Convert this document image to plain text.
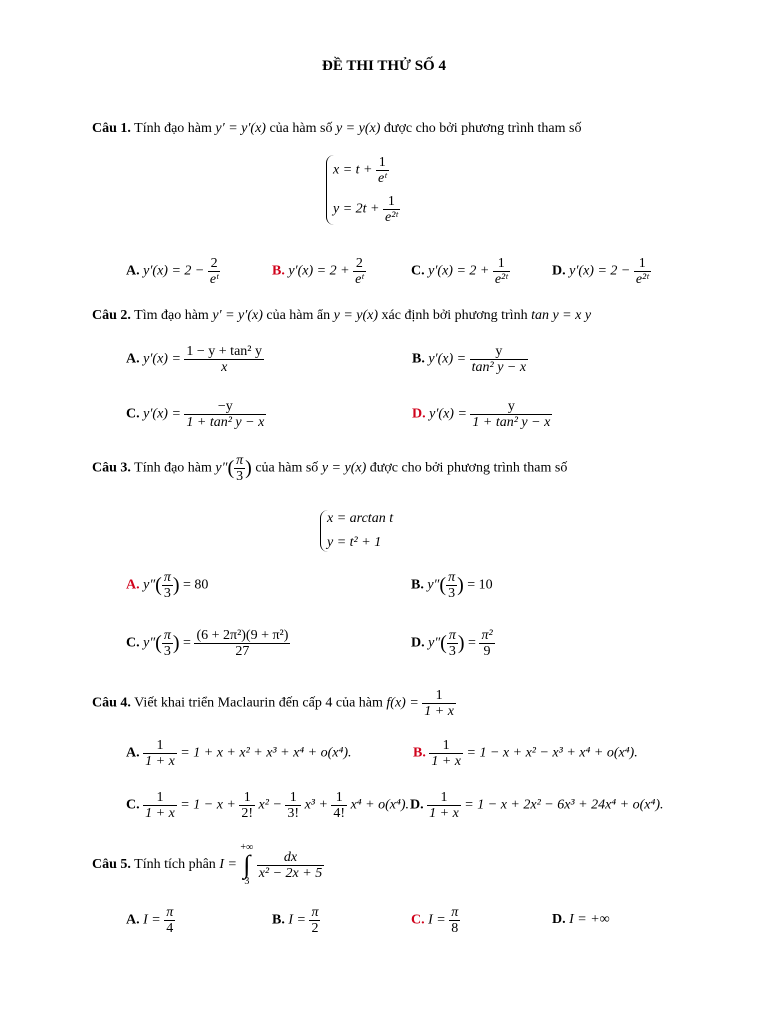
ĐỀ THI THỬ SỐ 4
Câu 1. Tính đạo hàm y′ = y′(x) của hàm số y = y(x) được cho bởi phương trình tham số
$x = t + \frac{1}{\text{eᵗ}}$
$y = 2t + \frac{1}{\text{e²ᵗ}}$
A. $y'(x) = 2 - \frac{2}{\text{eᵗ}}$	B. $y'(x) = 2 + \frac{2}{\text{eᵗ}}$	C. $y'(x) = 2 + \frac{1}{\text{e²ᵗ}}$	D. $y'(x) = 2 - \frac{1}{\text{e²ᵗ}}$
Câu 2. Tìm đạo hàm y′ = y′(x) của hàm ẩn y = y(x) xác định bởi phương trình tan y = x y
A. $y'(x) = \frac{\text{1 − y + tan² y}}{x}$	B. $y'(x) = \frac{y}{\text{tan² y − x}}$
C. $y'(x) = \frac{-y}{\text{1 + tan² y − x}}$	D. $y'(x) = \frac{y}{\text{1 + tan² y − x}}$
Câu 3. Tính đạo hàm $y''( \frac{\pi}{3}$ ) của hàm số y = y(x) được cho bởi phương trình tham số
x = arctan t
y = t² + 1
A. $y''( \frac{\pi}{3}$ ) = 80	B. $y''( \frac{\pi}{3}$ ) = 10
C. $y''( \frac{\pi}{3}$ ) = $\frac{\text{(6 + 2π²)(9 + π²)}}{27}$	D. $y''( \frac{\pi}{3}$ ) = $\frac{\text{π²}}{9}$
Câu 4. Viết khai triển Maclaurin đến cấp 4 của hàm $f(x) = \frac{1}{1 + x}$
A. $\frac{1}{1 + x} = 1 + x + x^2 + x^3 + x^4 + o(x^4)$.	B. $\frac{1}{1 + x} = 1 - x + x^2 - x^3 + x^4 + o(x^4)$.
C. $\frac{1}{1 + x} = 1 - x + \frac{1}{2!} x^2 - \frac{1}{3!} x^3 + \frac{1}{4!} x^4 + o(x^4)$. D. $\frac{1}{1 + x} = 1 - x + 2x^2 - 6x^3 + 24x^4 + o(x^4)$.
Câu 5. Tính tích phân I =
+∞
∫
3

$\frac{dx}{\text{x² − 2x + 5}}$
A. $I = \frac{\pi}{4}$	B. $I = \frac{\pi}{2}$	C. $I = \frac{\pi}{8}$	D. I = +∞
